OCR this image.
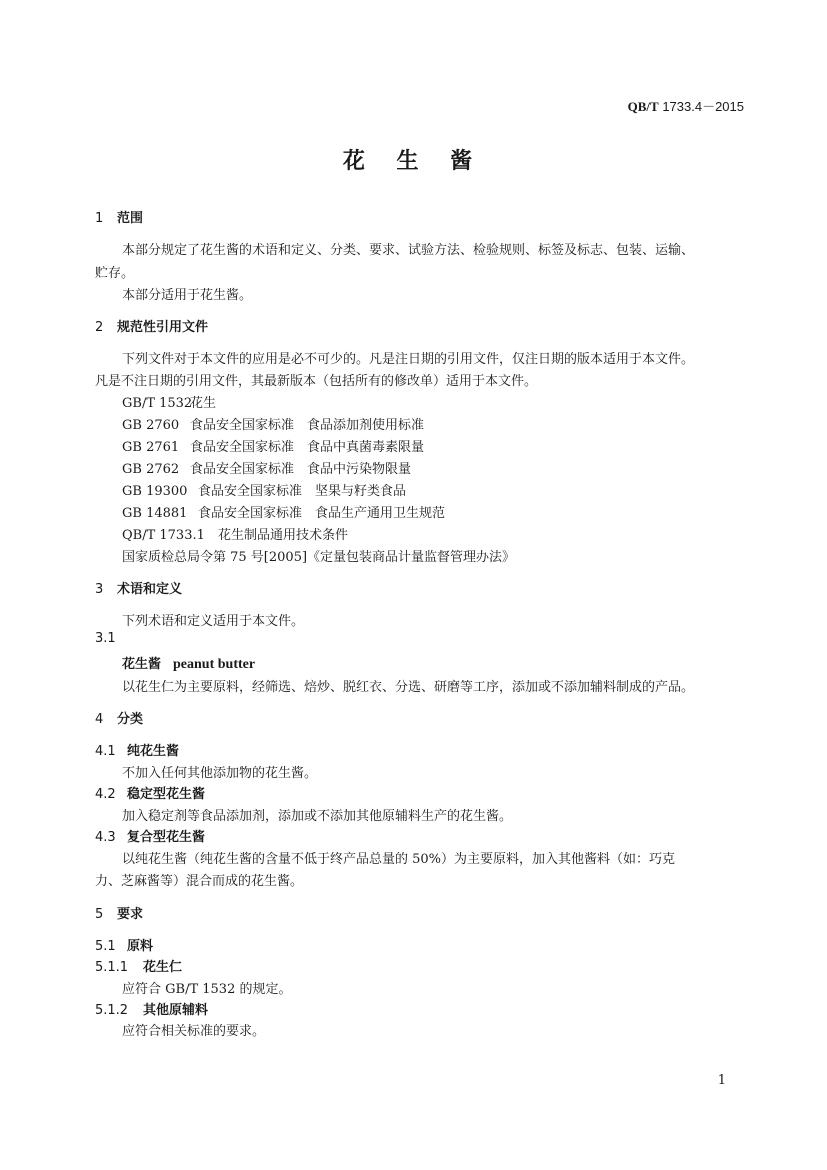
QB/T 1733.4－2015
花 生 酱
1 范围
本部分规定了花生酱的术语和定义、分类、要求、试验方法、检验规则、标签及标志、包装、运输、
贮存。
本部分适用于花生酱。
2 规范性引用文件
下列文件对于本文件的应用是必不可少的。凡是注日期的引用文件，仅注日期的版本适用于本文件。
凡是不注日期的引用文件，其最新版本（包括所有的修改单）适用于本文件。
GB/T 1532花生
GB 2760 食品安全国家标准　食品添加剂使用标准
GB 2761 食品安全国家标准　食品中真菌毒素限量
GB 2762 食品安全国家标准　食品中污染物限量
GB 19300 食品安全国家标准　坚果与籽类食品
GB 14881 食品安全国家标准　食品生产通用卫生规范
QB/T 1733.1 花生制品通用技术条件
国家质检总局令第 75 号[2005]《定量包装商品计量监督管理办法》
3 术语和定义
下列术语和定义适用于本文件。
3.1
花生酱 peanut butter
以花生仁为主要原料，经筛选、焙炒、脱红衣、分选、研磨等工序，添加或不添加辅料制成的产品。
4 分类
4.1 纯花生酱
不加入任何其他添加物的花生酱。
4.2 稳定型花生酱
加入稳定剂等食品添加剂，添加或不添加其他原辅料生产的花生酱。
4.3 复合型花生酱
以纯花生酱（纯花生酱的含量不低于终产品总量的 50%）为主要原料，加入其他酱料（如：巧克
力、芝麻酱等）混合而成的花生酱。
5 要求
5.1 原料
5.1.1 花生仁
应符合 GB/T 1532 的规定。
5.1.2 其他原辅料
应符合相关标准的要求。
1
